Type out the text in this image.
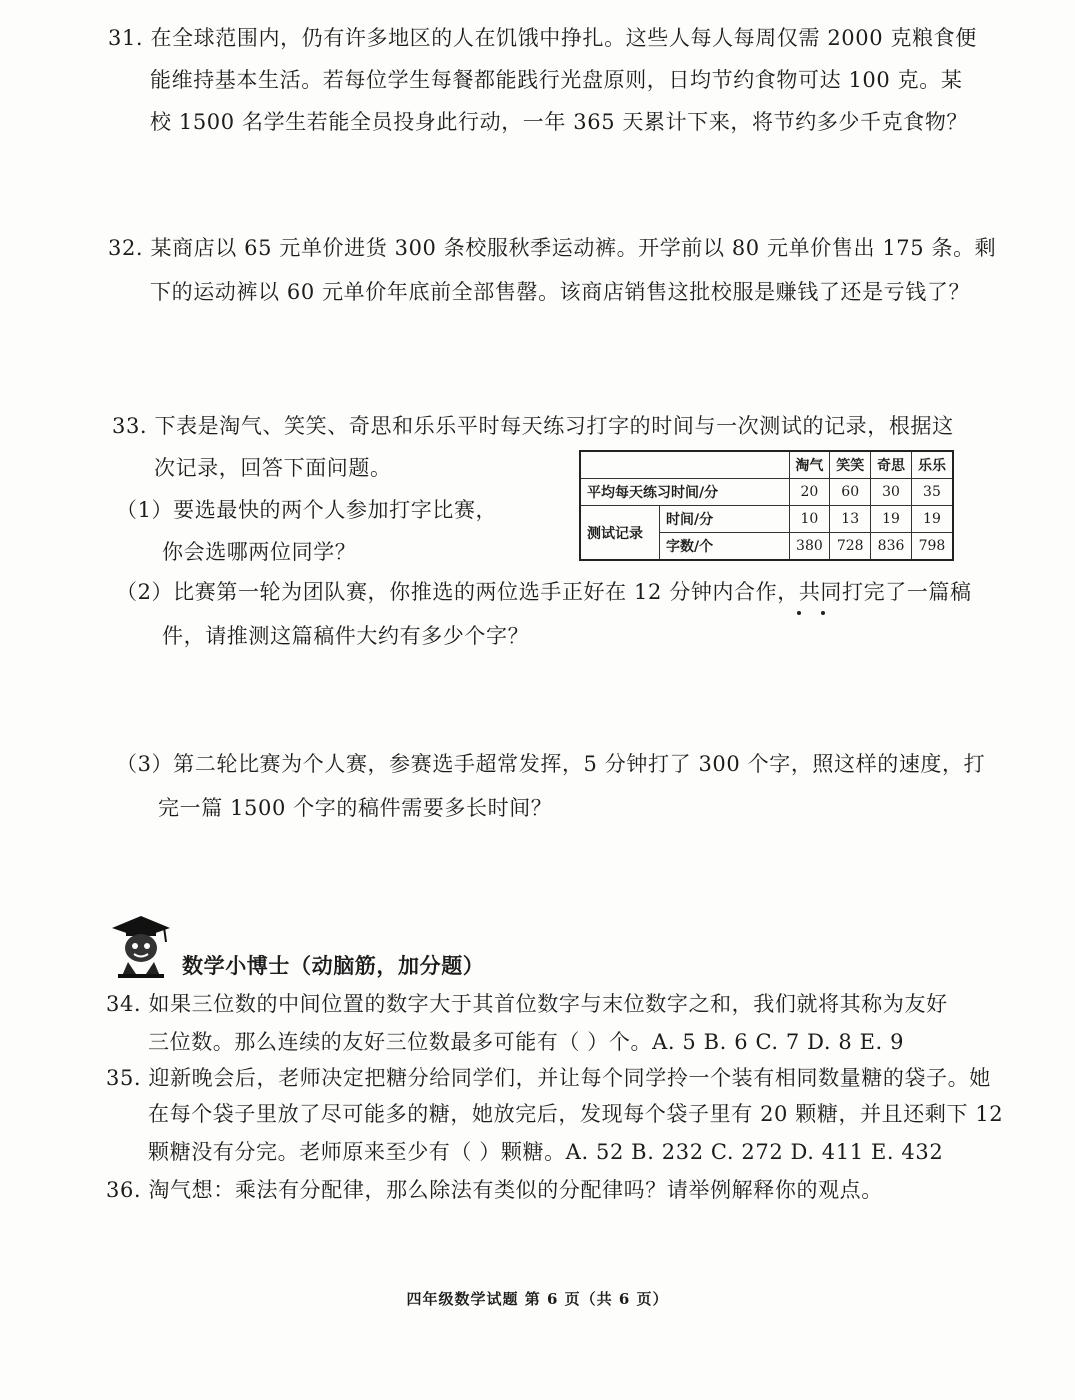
31. 在全球范围内，仍有许多地区的人在饥饿中挣扎。这些人每人每周仅需 2000 克粮食便
能维持基本生活。若每位学生每餐都能践行光盘原则，日均节约食物可达 100 克。某
校 1500 名学生若能全员投身此行动，一年 365 天累计下来，将节约多少千克食物？
32. 某商店以 65 元单价进货 300 条校服秋季运动裤。开学前以 80 元单价售出 175 条。剩
下的运动裤以 60 元单价年底前全部售罄。该商店销售这批校服是赚钱了还是亏钱了？
33. 下表是淘气、笑笑、奇思和乐乐平时每天练习打字的时间与一次测试的记录，根据这
次记录，回答下面问题。
（1）要选最快的两个人参加打字比赛，
你会选哪两位同学？
		淘气	笑笑	奇思	乐乐
平均每天练习时间/分		20	60	30	35
测试记录	时间/分	10	13	19	19
	字数/个	380	728	836	798
（2）比赛第一轮为团队赛，你推选的两位选手正好在 12 分钟内合作，共同打完了一篇稿
件，请推测这篇稿件大约有多少个字？
（3）第二轮比赛为个人赛，参赛选手超常发挥，5 分钟打了 300 个字，照这样的速度，打
完一篇 1500 个字的稿件需要多长时间？
数学小博士（动脑筋，加分题）
34. 如果三位数的中间位置的数字大于其首位数字与末位数字之和，我们就将其称为友好
三位数。那么连续的友好三位数最多可能有（ ）个。A. 5 B. 6 C. 7 D. 8 E. 9
35. 迎新晚会后，老师决定把糖分给同学们，并让每个同学拎一个装有相同数量糖的袋子。她
在每个袋子里放了尽可能多的糖，她放完后，发现每个袋子里有 20 颗糖，并且还剩下 12
颗糖没有分完。老师原来至少有（ ）颗糖。A. 52 B. 232 C. 272 D. 411 E. 432
36. 淘气想：乘法有分配律，那么除法有类似的分配律吗？请举例解释你的观点。
四年级数学试题 第 6 页（共 6 页）
